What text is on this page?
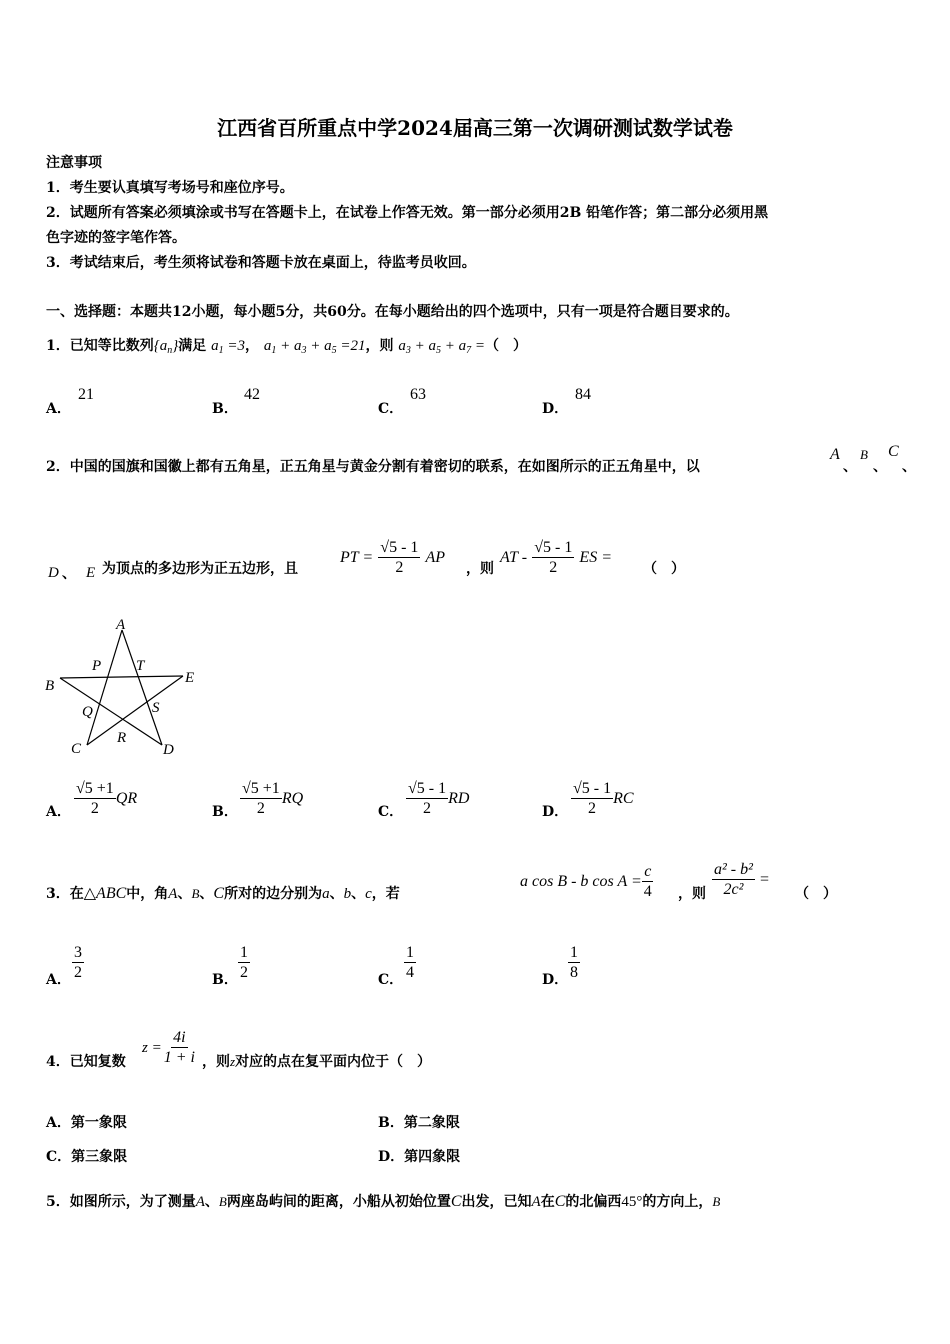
江西省百所重点中学2024届高三第一次调研测试数学试卷
注意事项
1．考生要认真填写考场号和座位序号。
2．试题所有答案必须填涂或书写在答题卡上，在试卷上作答无效。第一部分必须用2B 铅笔作答；第二部分必须用黑
色字迹的签字笔作答。
3．考试结束后，考生须将试卷和答题卡放在桌面上，待监考员收回。
一、选择题：本题共12小题，每小题5分，共60分。在每小题给出的四个选项中，只有一项是符合题目要求的。
1．已知等比数列$\{a_n\}$满足 $a_1 =3$， $a_1 + a_3 + a_5 =21$，则 $a_3 + a_5 + a_7$ =（　）
A．
21
B．
42
C．
63
D．
84
2．中国的国旗和国徽上都有五角星，正五角星与黄金分割有着密切的联系，在如图所示的正五角星中，以
A
、
B
、
C
、
D 、 E 为顶点的多边形为正五边形，且
PT = $\frac{√5 - 1}{2}$ AP
，则
AT - $\frac{√5 - 1}{2}$ ES =
（　）
A
P T
B	E
Q	S
R
C	D
A． $\frac{√5 +1}{2}$ QR
B． $\frac{√5 +1}{2}$ RQ
C． $\frac{√5 - 1}{2}$ RD
D． $\frac{√5 - 1}{2}$ RC
3．在△ABC中，角A、B、C所对的边分别为a、b、c，若
a cos B - b $\cos A = \frac{c}{4}$ ，则 $\frac{\text{a² - b²}}{\text{2c²}}$ =
（　）
A． $\frac{3}{2}$	B． $\frac{1}{2}$	C． $\frac{1}{4}$	D． $\frac{1}{8}$
4．已知复数
$z = \frac{4i}{1 + i}$ ，则z对应的点在复平面内位于（　）
A．第一象限	B．第二象限
C．第三象限	D．第四象限
5．如图所示，为了测量A、B两座岛屿间的距离，小船从初始位置C出发，已知A在C的北偏西45°的方向上，B
